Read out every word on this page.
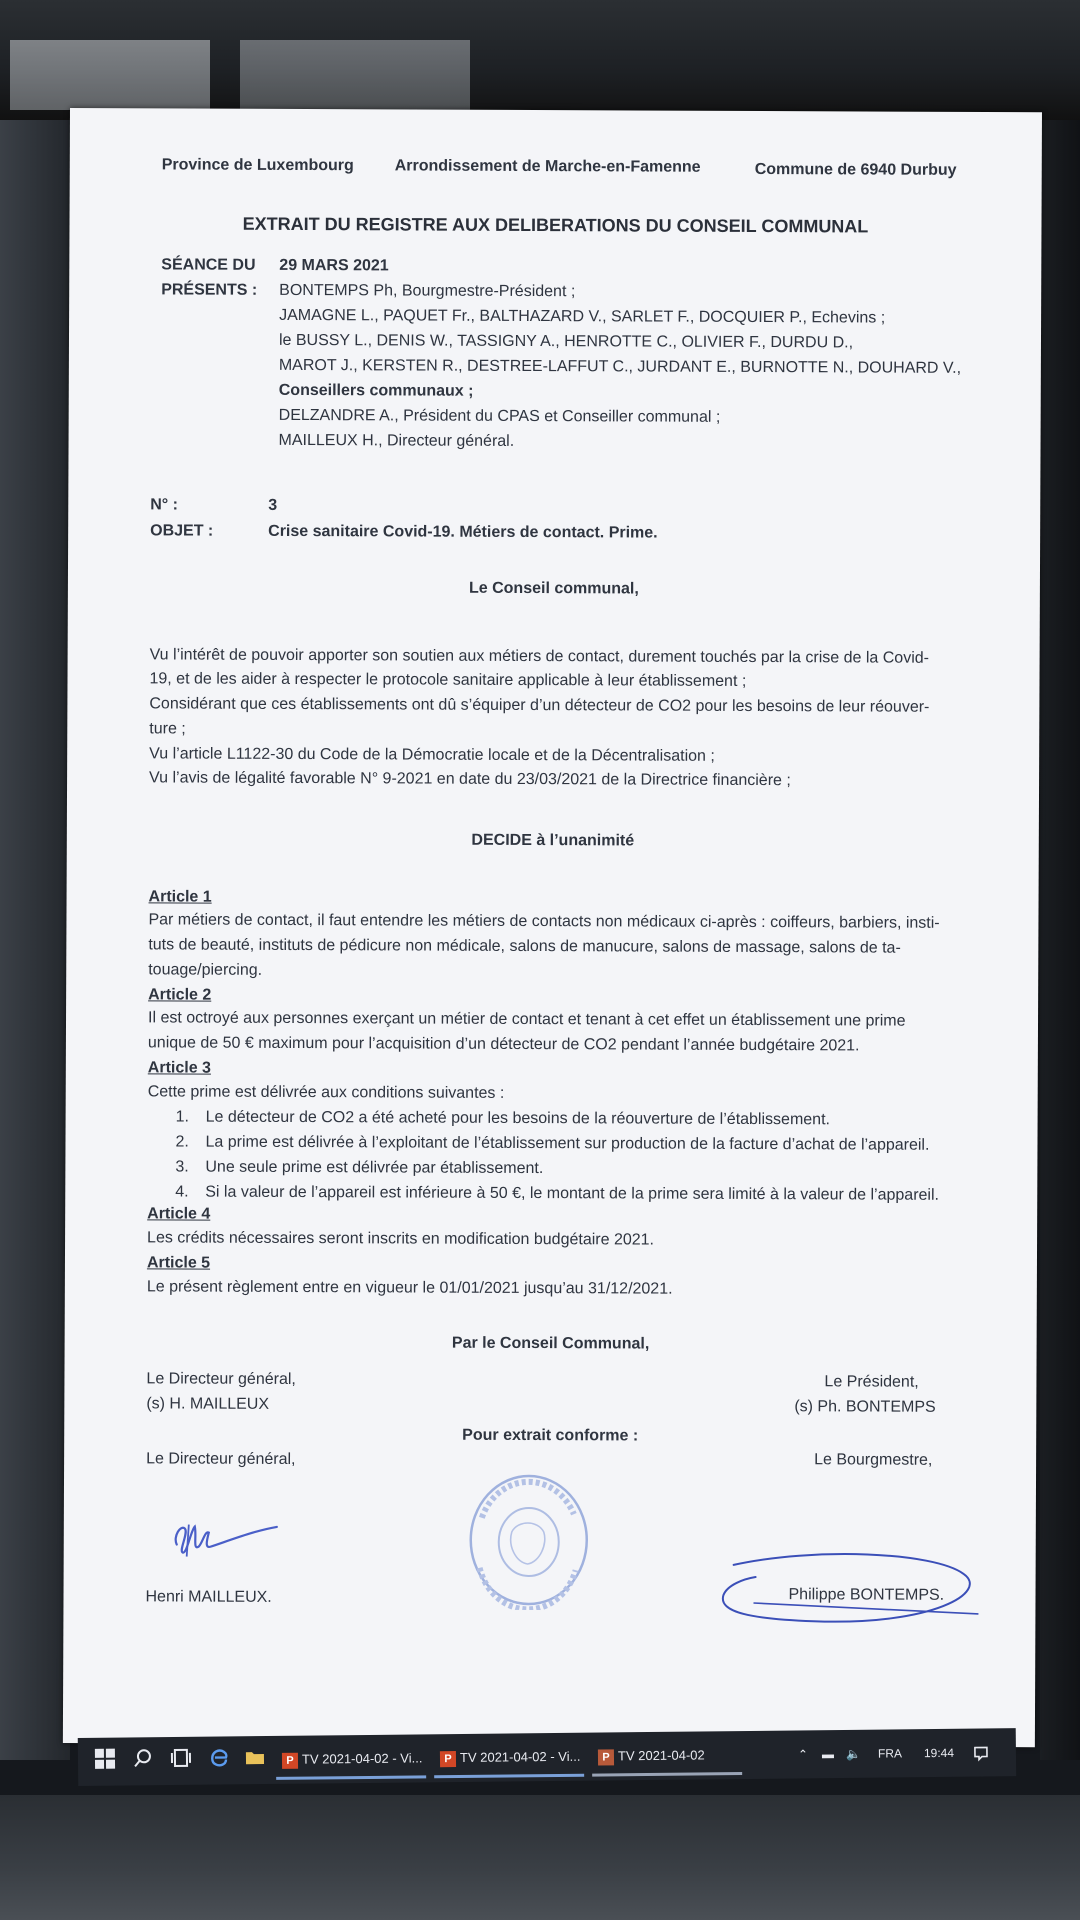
Province de Luxembourg	Arrondissement de Marche-en-Famenne	Commune de 6940 Durbuy
EXTRAIT DU REGISTRE AUX DELIBERATIONS DU CONSEIL COMMUNAL
SÉANCE DU 29 MARS 2021
PRÉSENTS : BONTEMPS Ph, Bourgmestre-Président ;
JAMAGNE L., PAQUET Fr., BALTHAZARD V., SARLET F., DOCQUIER P., Echevins ;
le BUSSY L., DENIS W., TASSIGNY A., HENROTTE C., OLIVIER F., DURDU D.,
MAROT J., KERSTEN R., DESTREE-LAFFUT C., JURDANT E., BURNOTTE N., DOUHARD V.,
Conseillers communaux ;
DELZANDRE A., Président du CPAS et Conseiller communal ;
MAILLEUX H., Directeur général.
N° :	3
OBJET :	Crise sanitaire Covid-19. Métiers de contact. Prime.
Le Conseil communal,
Vu l’intérêt de pouvoir apporter son soutien aux métiers de contact, durement touchés par la crise de la Covid-
19, et de les aider à respecter le protocole sanitaire applicable à leur établissement ;
Considérant que ces établissements ont dû s’équiper d’un détecteur de CO2 pour les besoins de leur réouver-
ture ;
Vu l’article L1122-30 du Code de la Démocratie locale et de la Décentralisation ;
Vu l’avis de légalité favorable N° 9-2021 en date du 23/03/2021 de la Directrice financière ;
DECIDE à l’unanimité
Article 1
Par métiers de contact, il faut entendre les métiers de contacts non médicaux ci-après : coiffeurs, barbiers, insti-
tuts de beauté, instituts de pédicure non médicale, salons de manucure, salons de massage, salons de ta-
touage/piercing.
Article 2
Il est octroyé aux personnes exerçant un métier de contact et tenant à cet effet un établissement une prime
unique de 50 € maximum pour l’acquisition d’un détecteur de CO2 pendant l’année budgétaire 2021.
Article 3
Cette prime est délivrée aux conditions suivantes :
1. Le détecteur de CO2 a été acheté pour les besoins de la réouverture de l’établissement.
2. La prime est délivrée à l’exploitant de l’établissement sur production de la facture d’achat de l’appareil.
3. Une seule prime est délivrée par établissement.
4. Si la valeur de l’appareil est inférieure à 50 €, le montant de la prime sera limité à la valeur de l’appareil.
Article 4
Les crédits nécessaires seront inscrits en modification budgétaire 2021.
Article 5
Le présent règlement entre en vigueur le 01/01/2021 jusqu’au 31/12/2021.
Par le Conseil Communal,
Le Directeur général,
(s) H. MAILLEUX
Le Président,
(s) Ph. BONTEMPS
Pour extrait conforme :
Le Directeur général,	Le Bourgmestre,
Henri MAILLEUX.	Philippe BONTEMPS.
P TV 2021-04-02 - Vi...	P TV 2021-04-02 - Vi...	P TV 2021-04-02	⌃ ▬ 🔈 FRA 19:44
